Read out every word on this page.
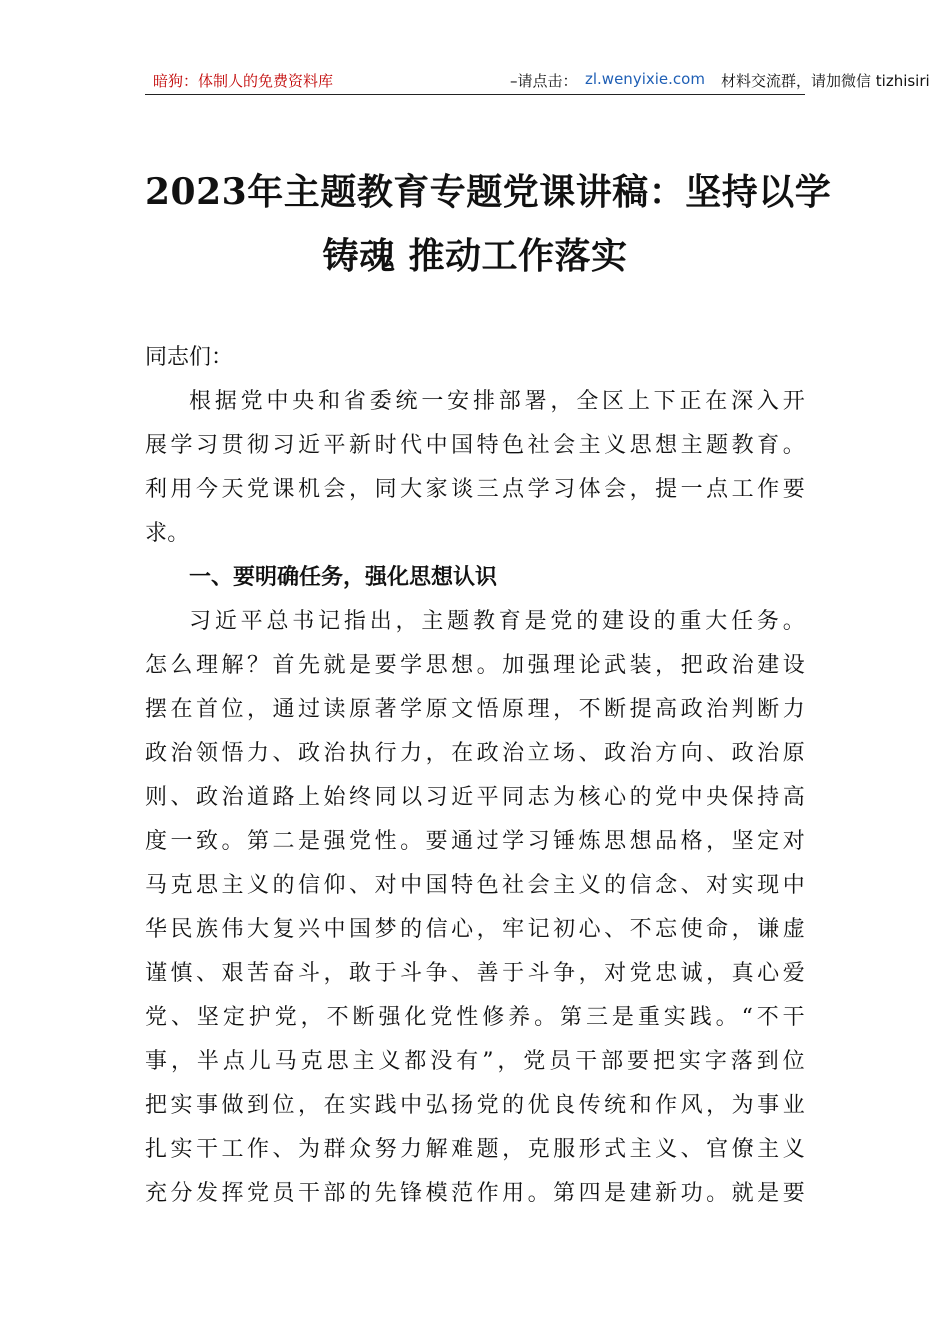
暗狗：体制人的免费资料库	–请点击： zl.wenyixie.com 材料交流群，请加微信 tizhisiri
2023年主题教育专题党课讲稿：坚持以学
铸魂 推动工作落实
同志们：
根据党中央和省委统一安排部署，全区上下正在深入开
展学习贯彻习近平新时代中国特色社会主义思想主题教育。
利用今天党课机会，同大家谈三点学习体会，提一点工作要
求。
一、要明确任务，强化思想认识
习近平总书记指出，主题教育是党的建设的重大任务。
怎么理解？首先就是要学思想。加强理论武装，把政治建设
摆在首位，通过读原著学原文悟原理，不断提高政治判断力
政治领悟力、政治执行力，在政治立场、政治方向、政治原
则、政治道路上始终同以习近平同志为核心的党中央保持高
度一致。第二是强党性。要通过学习锤炼思想品格，坚定对
马克思主义的信仰、对中国特色社会主义的信念、对实现中
华民族伟大复兴中国梦的信心，牢记初心、不忘使命，谦虚
谨慎、艰苦奋斗，敢于斗争、善于斗争，对党忠诚，真心爱
党、坚定护党，不断强化党性修养。第三是重实践。“不干
事，半点儿马克思主义都没有”，党员干部要把实字落到位
把实事做到位，在实践中弘扬党的优良传统和作风，为事业
扎实干工作、为群众努力解难题，克服形式主义、官僚主义
充分发挥党员干部的先锋模范作用。第四是建新功。就是要
